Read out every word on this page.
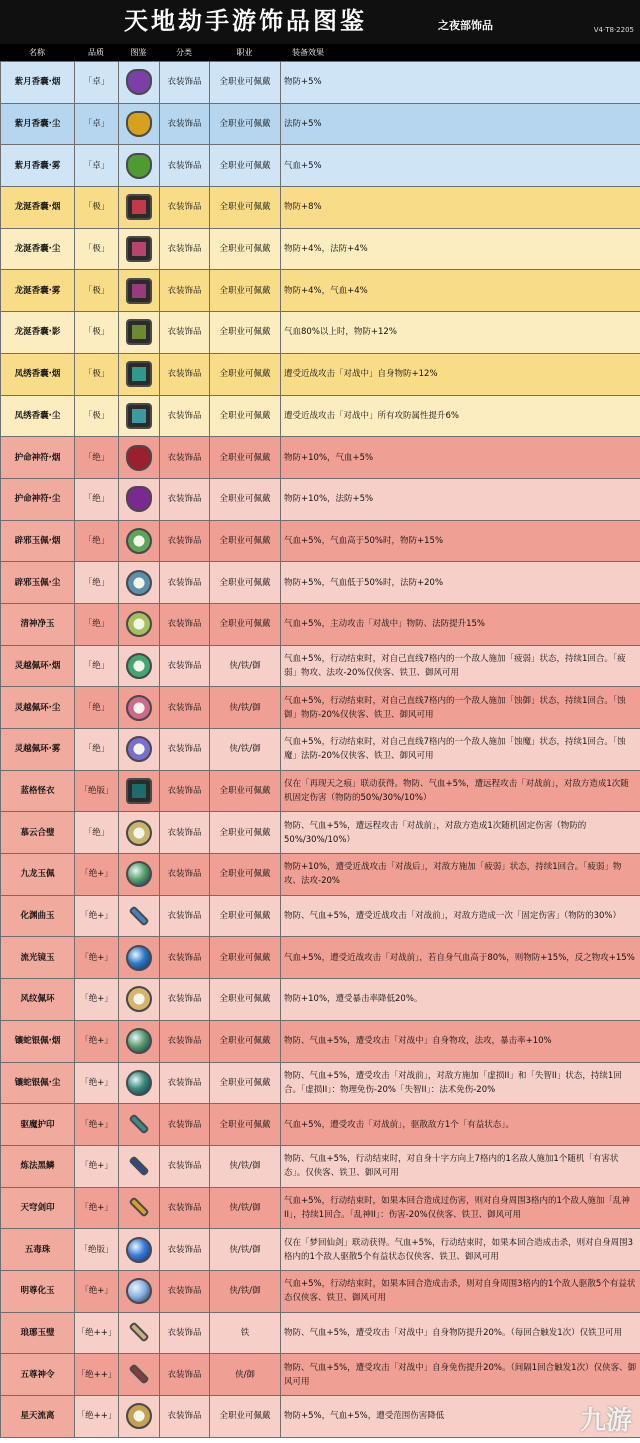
天地劫手游饰品图鉴	之夜部饰品	V4·T8·2205
名称	品质	图鉴	分类	职业	装备效果
紫月香囊·烟	「卓」		衣装饰品	全职业可佩戴	物防+5%
紫月香囊·尘	「卓」		衣装饰品	全职业可佩戴	法防+5%
紫月香囊·雾	「卓」		衣装饰品	全职业可佩戴	气血+5%
龙涎香囊·烟	「极」		衣装饰品	全职业可佩戴	物防+8%
龙涎香囊·尘	「极」		衣装饰品	全职业可佩戴	物防+4%，法防+4%
龙涎香囊·雾	「极」		衣装饰品	全职业可佩戴	物防+4%，气血+4%
龙涎香囊·影	「极」		衣装饰品	全职业可佩戴	气血80%以上时，物防+12%
凤绣香囊·烟	「极」		衣装饰品	全职业可佩戴	遭受近战攻击「对战中」自身物防+12%
凤绣香囊·尘	「极」		衣装饰品	全职业可佩戴	遭受近战攻击「对战中」所有攻防属性提升6%
护命神符·烟	「绝」		衣装饰品	全职业可佩戴	物防+10%，气血+5%
护命神符·尘	「绝」		衣装饰品	全职业可佩戴	物防+10%，法防+5%
辟邪玉佩·烟	「绝」		衣装饰品	全职业可佩戴	气血+5%，气血高于50%时，物防+15%
辟邪玉佩·尘	「绝」		衣装饰品	全职业可佩戴	物防+5%，气血低于50%时，法防+20%
清神净玉	「绝」		衣装饰品	全职业可佩戴	气血+5%，主动攻击「对战中」物防、法防提升15%
灵越佩环·烟	「绝」		衣装饰品	侠/铁/御	气血+5%，行动结束时，对自己直线7格内的一个敌人施加「疲弱」状态，持续1回合。「疲弱」物攻、法攻-20%仅侠客、铁卫、御风可用
灵越佩环·尘	「绝」		衣装饰品	侠/铁/御	气血+5%，行动结束时，对自己直线7格内的一个敌人施加「蚀御」状态，持续1回合。「蚀御」物防-20%仅侠客、铁卫、御风可用
灵越佩环·雾	「绝」		衣装饰品	侠/铁/御	气血+5%，行动结束时，对自己直线7格内的一个敌人施加「蚀魔」状态，持续1回合。「蚀魔」法防-20%仅侠客、铁卫、御风可用
蓝格怪衣	「绝版」		衣装饰品	全职业可佩戴	仅在「再现天之痕」联动获得。物防、气血+5%，遭远程攻击「对战前」，对敌方造成1次随机固定伤害（物防的50%/30%/10%）
慕云合璧	「绝」		衣装饰品	全职业可佩戴	物防、气血+5%，遭远程攻击「对战前」，对敌方造成1次随机固定伤害（物防的50%/30%/10%）
九龙玉佩	「绝+」		衣装饰品	全职业可佩戴	物防+10%，遭受近战攻击「对战后」，对敌方施加「疲弱」状态，持续1回合。「疲弱」物攻、法攻-20%
化渊曲玉	「绝+」		衣装饰品	全职业可佩戴	物防、气血+5%，遭受近战攻击「对战前」，对敌方造成一次「固定伤害」（物防的30%）
流光镜玉	「绝+」		衣装饰品	全职业可佩戴	气血+5%，遭受近战攻击「对战前」，若自身气血高于80%，则物防+15%，反之物攻+15%
风纹佩环	「绝+」		衣装饰品	全职业可佩戴	物防+10%，遭受暴击率降低20%。
镶蛇银佩·烟	「绝+」		衣装饰品	全职业可佩戴	物防、气血+5%，遭受攻击「对战中」自身物攻，法攻，暴击率+10%
镶蛇银佩·尘	「绝+」		衣装饰品	全职业可佩戴	物防、气血+5%，遭受攻击「对战前」，对敌方施加「虚损II」和「失智II」状态，持续1回合。「虚损II」：物理免伤-20%「失智II」：法术免伤-20%
驱魔护印	「绝+」		衣装饰品	全职业可佩戴	气血+5%，遭受攻击「对战前」，驱散敌方1个「有益状态」。
炼法黑鳞	「绝+」		衣装饰品	侠/铁/御	物防、气血+5%，行动结束时，对自身十字方向上7格内的1名敌人施加1个随机「有害状态」。仅侠客、铁卫、御风可用
天穹剑印	「绝+」		衣装饰品	侠/铁/御	气血+5%，行动结束时，如果本回合造成过伤害，则对自身周围3格内的1个敌人施加「乱神II」，持续1回合。「乱神II」：伤害-20%仅侠客、铁卫、御风可用
五毒珠	「绝版」		衣装饰品	侠/铁/御	仅在「梦回仙剑」联动获得。气血+5%，行动结束时，如果本回合造成击杀，则对自身周围3格内的1个敌人驱散5个有益状态仅侠客、铁卫、御风可用
明尊化玉	「绝+」		衣装饰品	侠/铁/御	气血+5%，行动结束时，如果本回合造成击杀，则对自身周围3格内的1个敌人驱散5个有益状态仅侠客、铁卫、御风可用
琅琊玉璧	「绝++」		衣装饰品	铁	物防、气血+5%，遭受攻击「对战中」自身物防提升20%。（每回合触发1次）仅铁卫可用
五尊神令	「绝++」		衣装饰品	侠/御	物防、气血+5%，遭受攻击「对战中」自身免伤提升20%。（间隔1回合触发1次）仅侠客、御风可用
星天流离	「绝++」		衣装饰品	全职业可佩戴	物防+5%，气血+5%，遭受范围伤害降低	九游
